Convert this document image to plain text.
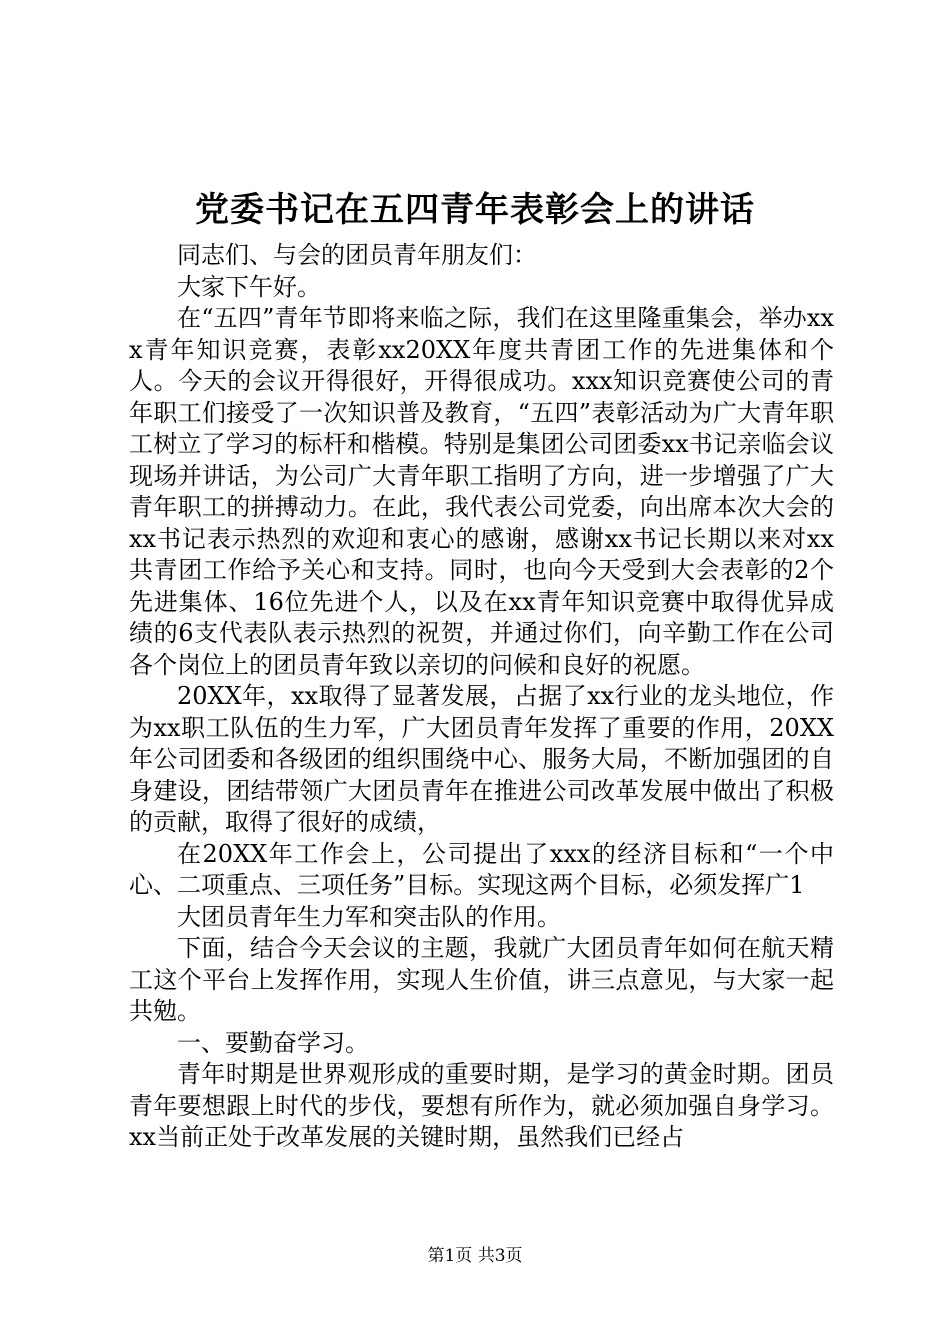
党委书记在五四青年表彰会上的讲话

同志们、与会的团员青年朋友们：

大家下午好。

在“五四”青年节即将来临之际，我们在这里隆重集会，举办xxx青年知识竞赛，表彰xx20XX年度共青团工作的先进集体和个人。今天的会议开得很好，开得很成功。xxx知识竞赛使公司的青年职工们接受了一次知识普及教育，“五四”表彰活动为广大青年职工树立了学习的标杆和楷模。特别是集团公司团委xx书记亲临会议现场并讲话，为公司广大青年职工指明了方向，进一步增强了广大青年职工的拼搏动力。在此，我代表公司党委，向出席本次大会的xx书记表示热烈的欢迎和衷心的感谢，感谢xx书记长期以来对xx共青团工作给予关心和支持。同时，也向今天受到大会表彰的2个先进集体、16位先进个人，以及在xx青年知识竞赛中取得优异成绩的6支代表队表示热烈的祝贺，并通过你们，向辛勤工作在公司各个岗位上的团员青年致以亲切的问候和良好的祝愿。

20XX年，xx取得了显著发展，占据了xx行业的龙头地位，作为xx职工队伍的生力军，广大团员青年发挥了重要的作用，20XX年公司团委和各级团的组织围绕中心、服务大局，不断加强团的自身建设，团结带领广大团员青年在推进公司改革发展中做出了积极的贡献，取得了很好的成绩，

在20XX年工作会上，公司提出了xxx的经济目标和“一个中心、二项重点、三项任务”目标。实现这两个目标，必须发挥广1

大团员青年生力军和突击队的作用。

下面，结合今天会议的主题，我就广大团员青年如何在航天精工这个平台上发挥作用，实现人生价值，讲三点意见，与大家一起共勉。

一、要勤奋学习。

青年时期是世界观形成的重要时期，是学习的黄金时期。团员青年要想跟上时代的步伐，要想有所作为，就必须加强自身学习。xx当前正处于改革发展的关键时期，虽然我们已经占

第1页 共3页
